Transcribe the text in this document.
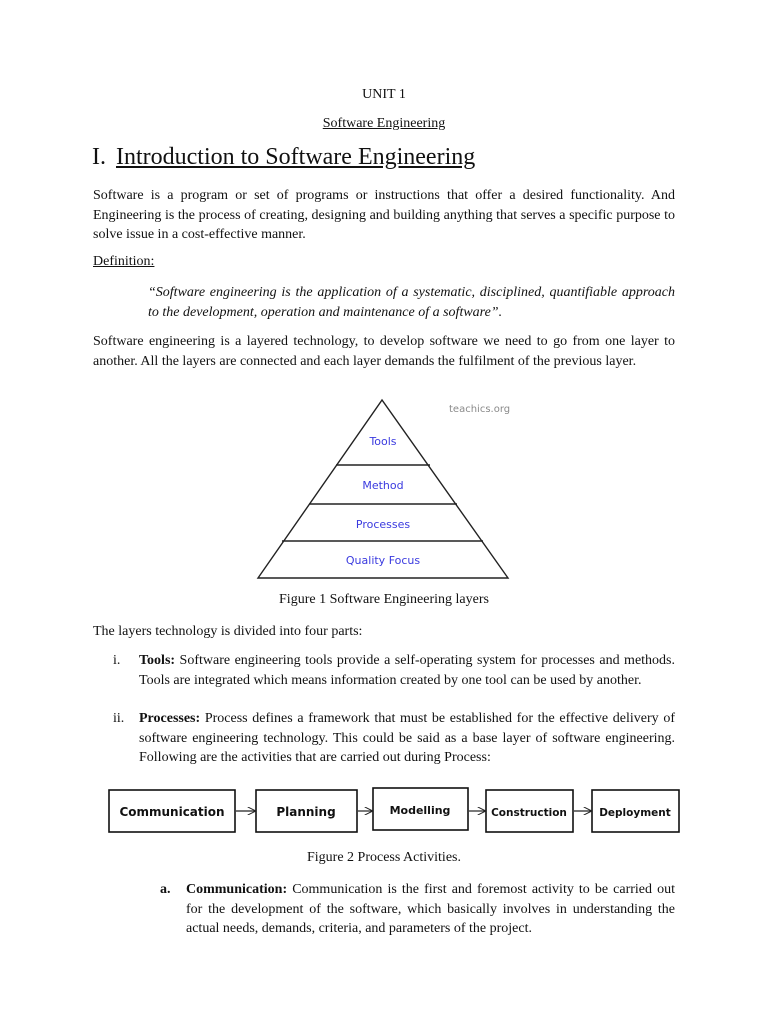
UNIT 1
Software Engineering
I. Introduction to Software Engineering
Software is a program or set of programs or instructions that offer a desired functionality. And Engineering is the process of creating, designing and building anything that serves a specific purpose to solve issue in a cost-effective manner.
Definition:
“Software engineering is the application of a systematic, disciplined, quantifiable approach to the development, operation and maintenance of a software”.
Software engineering is a layered technology, to develop software we need to go from one layer to another. All the layers are connected and each layer demands the fulfilment of the previous layer.
teachics.org
Tools
Method
Processes
Quality Focus
Figure 1 Software Engineering layers
The layers technology is divided into four parts:
i.	Tools: Software engineering tools provide a self-operating system for processes and methods. Tools are integrated which means information created by one tool can be used by another.
ii.	Processes: Process defines a framework that must be established for the effective delivery of software engineering technology. This could be said as a base layer of software engineering. Following are the activities that are carried out during Process:
Communication	Planning	Modelling	Construction	Deployment
Figure 2 Process Activities.
a. Communication: Communication is the first and foremost activity to be carried out for the development of the software, which basically involves in understanding the actual needs, demands, criteria, and parameters of the project.
